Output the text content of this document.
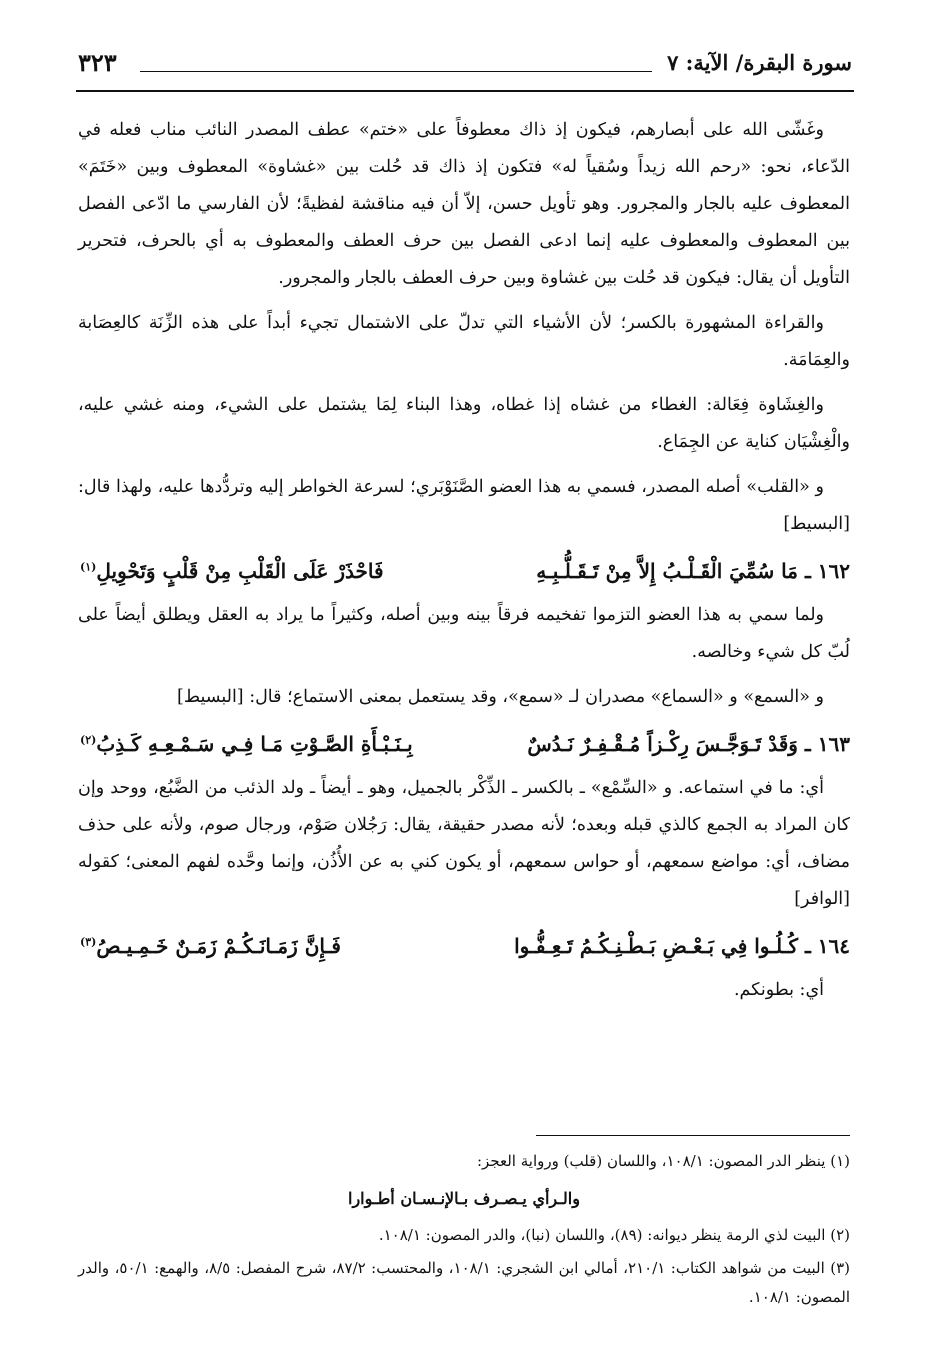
سورة البقرة/ الآية: ٧
٣٢٣

وغَشّى الله على أبصارهم، فيكون إذ ذاك معطوفاً على «ختم» عطف المصدر النائب مناب فعله في الدّعاء، نحو: «رحم الله زيداً وسُقياً له» فتكون إذ ذاك قد حُلت بين «غشاوة» المعطوف وبين «خَتَمَ» المعطوف عليه بالجار والمجرور. وهو تأويل حسن، إلاّ أن فيه مناقشة لفظيةً؛ لأن الفارسي ما ادّعى الفصل بين المعطوف والمعطوف عليه إنما ادعى الفصل بين حرف العطف والمعطوف به أي بالحرف، فتحرير التأويل أن يقال: فيكون قد حُلت بين غشاوة وبين حرف العطف بالجار والمجرور.

والقراءة المشهورة بالكسر؛ لأن الأشياء التي تدلّ على الاشتمال تجيء أبداً على هذه الزِّنَة كالعِصَابة والعِمَامَة.

والغِشَاوة فِعَالة: الغطاء من غشاه إذا غطاه، وهذا البناء لِمَا يشتمل على الشيء، ومنه غشي عليه، والْغِشْيَان كناية عن الجِمَاع.

و «القلب» أصله المصدر، فسمي به هذا العضو الصَّنَوْبَري؛ لسرعة الخواطر إليه وتردُّدها عليه، ولهذا قال: [البسيط]

١٦٢ ـ مَا سُمِّيَ الْقَـلْـبُ إِلاَّ مِنْ تَـقَـلُّـبِـهِ
فَاحْذَرْ عَلَى الْقَلْبِ مِنْ قَلْبٍ وَتَحْوِيلِ$^{(١)}$

ولما سمي به هذا العضو التزموا تفخيمه فرقاً بينه وبين أصله، وكثيراً ما يراد به العقل ويطلق أيضاً على لُبّ كل شيء وخالصه.

و «السمع» و «السماع» مصدران لـ «سمع»، وقد يستعمل بمعنى الاستماع؛ قال: [البسيط]

١٦٣ ـ وَقَدْ تَـوَجَّـسَ رِكْـزاً مُـقْـفِـرٌ نَـدُسٌ
بِـنَـبْـأَةِ الصَّـوْتِ مَـا فِـي سَـمْـعِـهِ كَـذِبُ$^{(٢)}$

أي: ما في استماعه. و «السِّمْع» ـ بالكسر ـ الذِّكْر بالجميل، وهو ـ أيضاً ـ ولد الذئب من الضَّبُع، ووحد وإن كان المراد به الجمع كالذي قبله وبعده؛ لأنه مصدر حقيقة، يقال: رَجُلان صَوْم، ورجال صوم، ولأنه على حذف مضاف، أي: مواضع سمعهم، أو حواس سمعهم، أو يكون كني به عن الأُذُن، وإنما وحَّده لفهم المعنى؛ كقوله [الوافر]

١٦٤ ـ كُـلُـوا فِي بَـعْـضِ بَـطْـنِـكُـمُ تَـعِـفُّـوا
فَـإِنَّ زَمَـانَـكُـمْ زَمَـنٌ خَـمِـيـصُ$^{(٣)}$

أي: بطونكم.

(١) ينظر الدر المصون: ١٠٨/١، واللسان (قلب) ورواية العجز:

والـرأي يـصـرف بـالإنـسـان أطـوارا

(٢) البيت لذي الرمة ينظر ديوانه: (٨٩)، واللسان (نبا)، والدر المصون: ١٠٨/١.

(٣) البيت من شواهد الكتاب: ٢١٠/١، أمالي ابن الشجري: ١٠٨/١، والمحتسب: ٨٧/٢، شرح المفصل: ٨/٥، والهمع: ٥٠/١، والدر المصون: ١٠٨/١.
